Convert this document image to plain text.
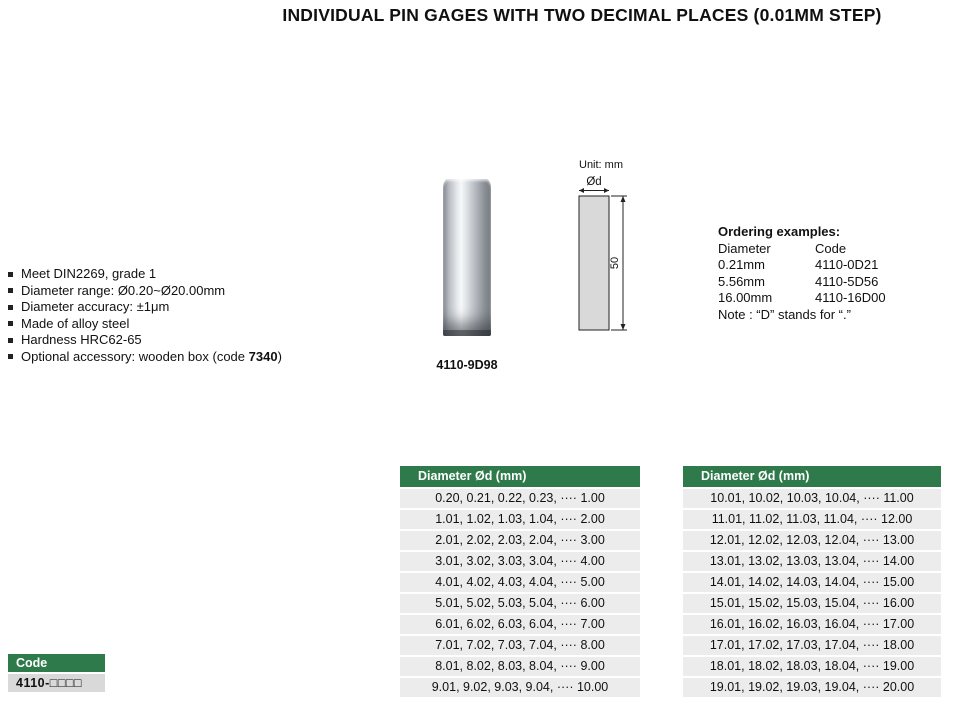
INDIVIDUAL PIN GAGES WITH TWO DECIMAL PLACES (0.01MM STEP)
Meet DIN2269, grade 1
Diameter range: Ø0.20~Ø20.00mm
Diameter accuracy: ±1μm
Made of alloy steel
Hardness HRC62-65
Optional accessory: wooden box (code 7340)
4110-9D98
Unit: mm
Ød
50
Ordering examples:
Diameter	Code
0.21mm	4110-0D21
5.56mm	4110-5D56
16.00mm	4110-16D00
Note : “D” stands for “.”
Diameter Ød (mm)
0.20, 0.21, 0.22, 0.23, ···· 1.00
1.01, 1.02, 1.03, 1.04, ···· 2.00
2.01, 2.02, 2.03, 2.04, ···· 3.00
3.01, 3.02, 3.03, 3.04, ···· 4.00
4.01, 4.02, 4.03, 4.04, ···· 5.00
5.01, 5.02, 5.03, 5.04, ···· 6.00
6.01, 6.02, 6.03, 6.04, ···· 7.00
7.01, 7.02, 7.03, 7.04, ···· 8.00
8.01, 8.02, 8.03, 8.04, ···· 9.00
9.01, 9.02, 9.03, 9.04, ···· 10.00
Diameter Ød (mm)
10.01, 10.02, 10.03, 10.04, ···· 11.00
11.01, 11.02, 11.03, 11.04, ···· 12.00
12.01, 12.02, 12.03, 12.04, ···· 13.00
13.01, 13.02, 13.03, 13.04, ···· 14.00
14.01, 14.02, 14.03, 14.04, ···· 15.00
15.01, 15.02, 15.03, 15.04, ···· 16.00
16.01, 16.02, 16.03, 16.04, ···· 17.00
17.01, 17.02, 17.03, 17.04, ···· 18.00
18.01, 18.02, 18.03, 18.04, ···· 19.00
19.01, 19.02, 19.03, 19.04, ···· 20.00
Code
4110-□□□□
